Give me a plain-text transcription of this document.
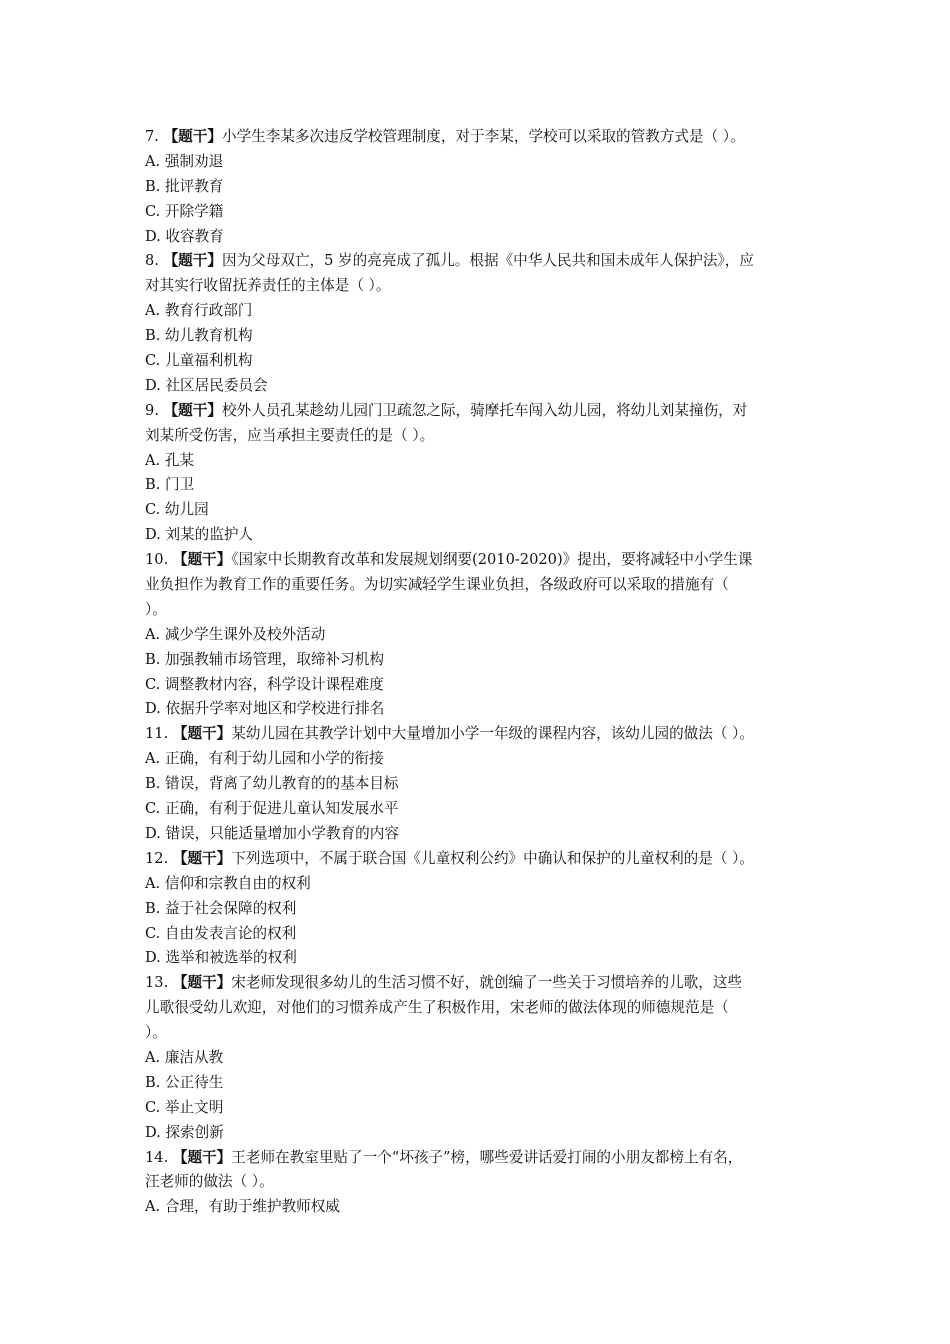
7. 【题干】小学生李某多次违反学校管理制度，对于李某，学校可以采取的管教方式是（ ）。
A. 强制劝退
B. 批评教育
C. 开除学籍
D. 收容教育
8. 【题干】因为父母双亡，5 岁的亮亮成了孤儿。根据《中华人民共和国未成年人保护法》，应
对其实行收留抚养责任的主体是（ ）。
A. 教育行政部门
B. 幼儿教育机构
C. 儿童福利机构
D. 社区居民委员会
9. 【题干】校外人员孔某趁幼儿园门卫疏忽之际，骑摩托车闯入幼儿园，将幼儿刘某撞伤，对
刘某所受伤害，应当承担主要责任的是（ ）。
A. 孔某
B. 门卫
C. 幼儿园
D. 刘某的监护人
10. 【题干】《国家中长期教育改革和发展规划纲要(2010-2020)》提出，要将减轻中小学生课
业负担作为教育工作的重要任务。为切实减轻学生课业负担，各级政府可以采取的措施有（
）。
A. 减少学生课外及校外活动
B. 加强教辅市场管理，取缔补习机构
C. 调整教材内容，科学设计课程难度
D. 依据升学率对地区和学校进行排名
11. 【题干】某幼儿园在其教学计划中大量增加小学一年级的课程内容，该幼儿园的做法（ ）。
A. 正确，有利于幼儿园和小学的衔接
B. 错误，背离了幼儿教育的的基本目标
C. 正确，有利于促进儿童认知发展水平
D. 错误，只能适量增加小学教育的内容
12. 【题干】下列选项中，不属于联合国《儿童权利公约》中确认和保护的儿童权利的是（ ）。
A. 信仰和宗教自由的权利
B. 益于社会保障的权利
C. 自由发表言论的权利
D. 选举和被选举的权利
13. 【题干】宋老师发现很多幼儿的生活习惯不好，就创编了一些关于习惯培养的儿歌，这些
儿歌很受幼儿欢迎，对他们的习惯养成产生了积极作用，宋老师的做法体现的师德规范是（
）。
A. 廉洁从教
B. 公正待生
C. 举止文明
D. 探索创新
14. 【题干】王老师在教室里贴了一个“坏孩子”榜，哪些爱讲话爱打闹的小朋友都榜上有名，
汪老师的做法（ ）。
A. 合理，有助于维护教师权威
